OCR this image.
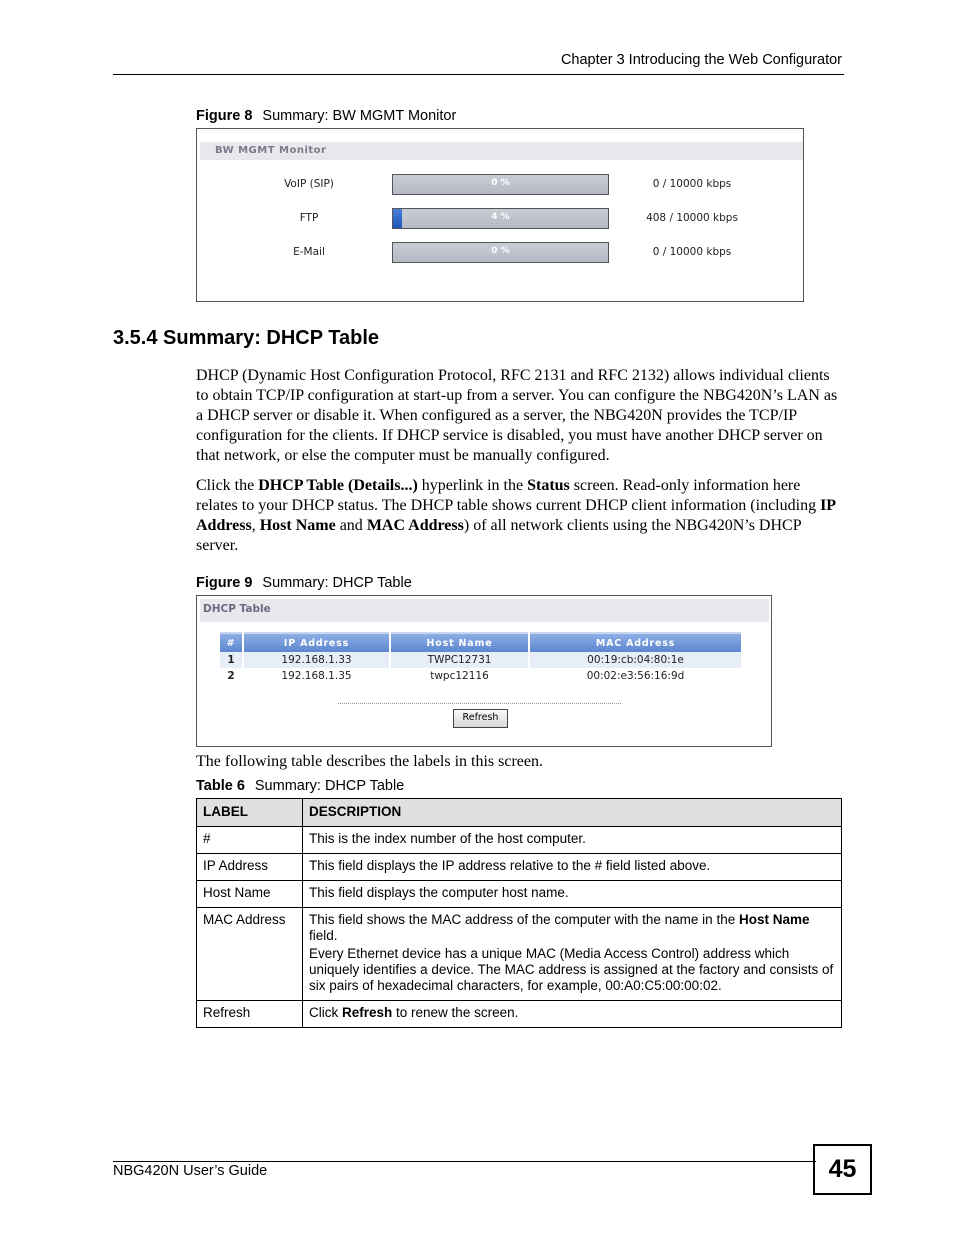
Chapter 3 Introducing the Web Configurator
Figure 8 Summary: BW MGMT Monitor
BW MGMT Monitor
VoIP (SIP)	0 %	0 / 10000 kbps
FTP	4 %	408 / 10000 kbps
E-Mail	0 %	0 / 10000 kbps
3.5.4 Summary: DHCP Table

DHCP (Dynamic Host Configuration Protocol, RFC 2131 and RFC 2132) allows individual clients to obtain TCP/IP configuration at start-up from a server. You can configure the NBG420N’s LAN as a DHCP server or disable it. When configured as a server, the NBG420N provides the TCP/IP configuration for the clients. If DHCP service is disabled, you must have another DHCP server on that network, or else the computer must be manually configured.

Click the DHCP Table (Details...) hyperlink in the Status screen. Read-only information here relates to your DHCP status. The DHCP table shows current DHCP client information (including IP Address, Host Name and MAC Address) of all network clients using the NBG420N’s DHCP server.

Figure 9 Summary: DHCP Table
DHCP Table
#	IP Address	Host Name	MAC Address
1	192.168.1.33	TWPC12731	00:19:cb:04:80:1e
2	192.168.1.35	twpc12116	00:02:e3:56:16:9d
Refresh

The following table describes the labels in this screen.

Table 6 Summary: DHCP Table
LABEL	DESCRIPTION
#	This is the index number of the host computer.
IP Address	This field displays the IP address relative to the # field listed above.
Host Name	This field displays the computer host name.
MAC Address	This field shows the MAC address of the computer with the name in the Host Name field.

Every Ethernet device has a unique MAC (Media Access Control) address which uniquely identifies a device. The MAC address is assigned at the factory and consists of six pairs of hexadecimal characters, for example, 00:A0:C5:00:00:02.

Refresh	Click Refresh to renew the screen.
NBG420N User’s Guide	45
